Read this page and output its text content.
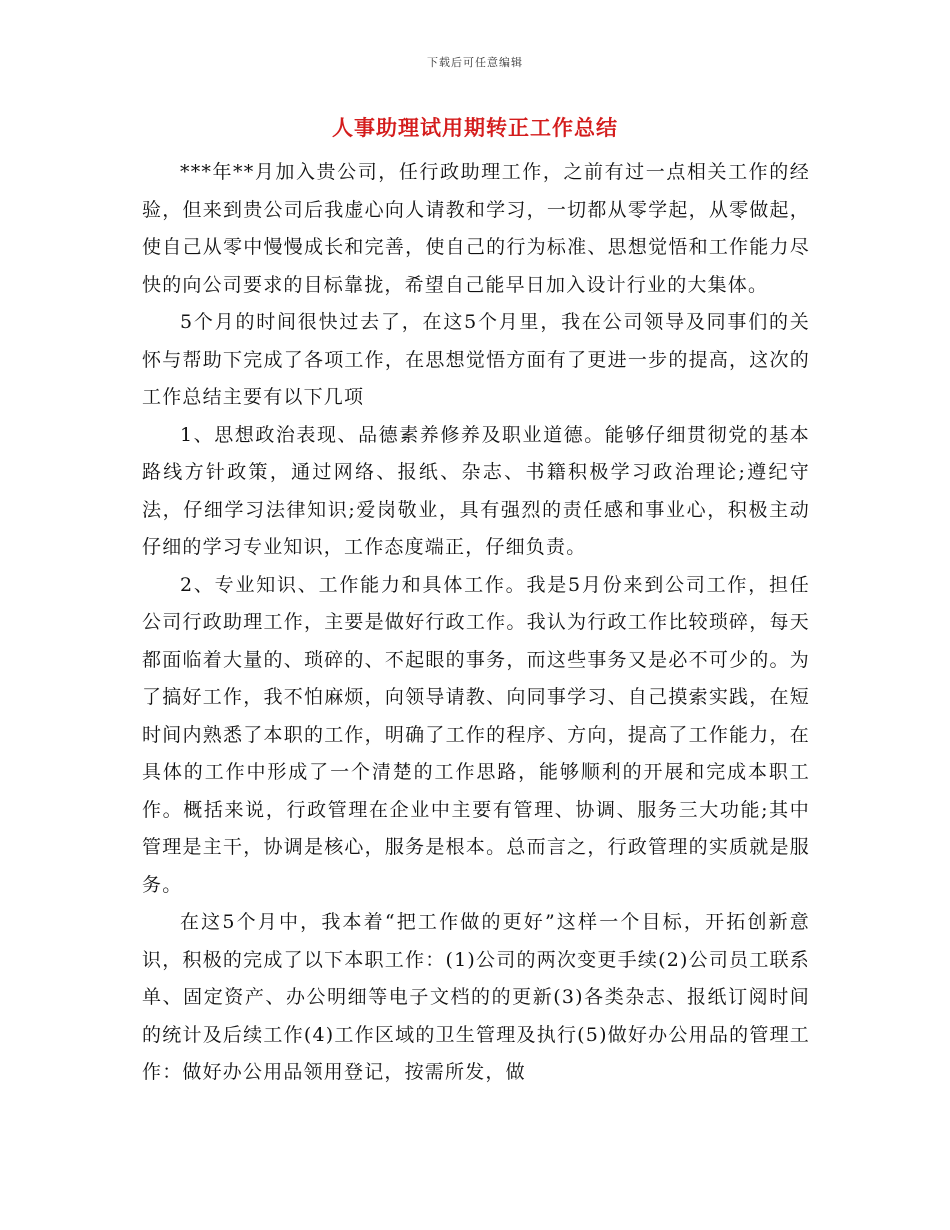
下载后可任意编辑
人事助理试用期转正工作总结

***年**月加入贵公司，任行政助理工作，之前有过一点相关工作的经验，但来到贵公司后我虚心向人请教和学习，一切都从零学起，从零做起，使自己从零中慢慢成长和完善，使自己的行为标准、思想觉悟和工作能力尽快的向公司要求的目标靠拢，希望自己能早日加入设计行业的大集体。

5个月的时间很快过去了，在这5个月里，我在公司领导及同事们的关怀与帮助下完成了各项工作，在思想觉悟方面有了更进一步的提高，这次的工作总结主要有以下几项

1、思想政治表现、品德素养修养及职业道德。能够仔细贯彻党的基本路线方针政策，通过网络、报纸、杂志、书籍积极学习政治理论;遵纪守法，仔细学习法律知识;爱岗敬业，具有强烈的责任感和事业心，积极主动仔细的学习专业知识，工作态度端正，仔细负责。

2、专业知识、工作能力和具体工作。我是5月份来到公司工作，担任公司行政助理工作，主要是做好行政工作。我认为行政工作比较琐碎，每天都面临着大量的、琐碎的、不起眼的事务，而这些事务又是必不可少的。为了搞好工作，我不怕麻烦，向领导请教、向同事学习、自己摸索实践，在短时间内熟悉了本职的工作，明确了工作的程序、方向，提高了工作能力，在具体的工作中形成了一个清楚的工作思路，能够顺利的开展和完成本职工作。概括来说，行政管理在企业中主要有管理、协调、服务三大功能;其中管理是主干，协调是核心，服务是根本。总而言之，行政管理的实质就是服务。

在这5个月中，我本着“把工作做的更好”这样一个目标，开拓创新意识，积极的完成了以下本职工作：(1)公司的两次变更手续(2)公司员工联系单、固定资产、办公明细等电子文档的的更新(3)各类杂志、报纸订阅时间的统计及后续工作(4)工作区域的卫生管理及执行(5)做好办公用品的管理工作：做好办公用品领用登记，按需所发，做
